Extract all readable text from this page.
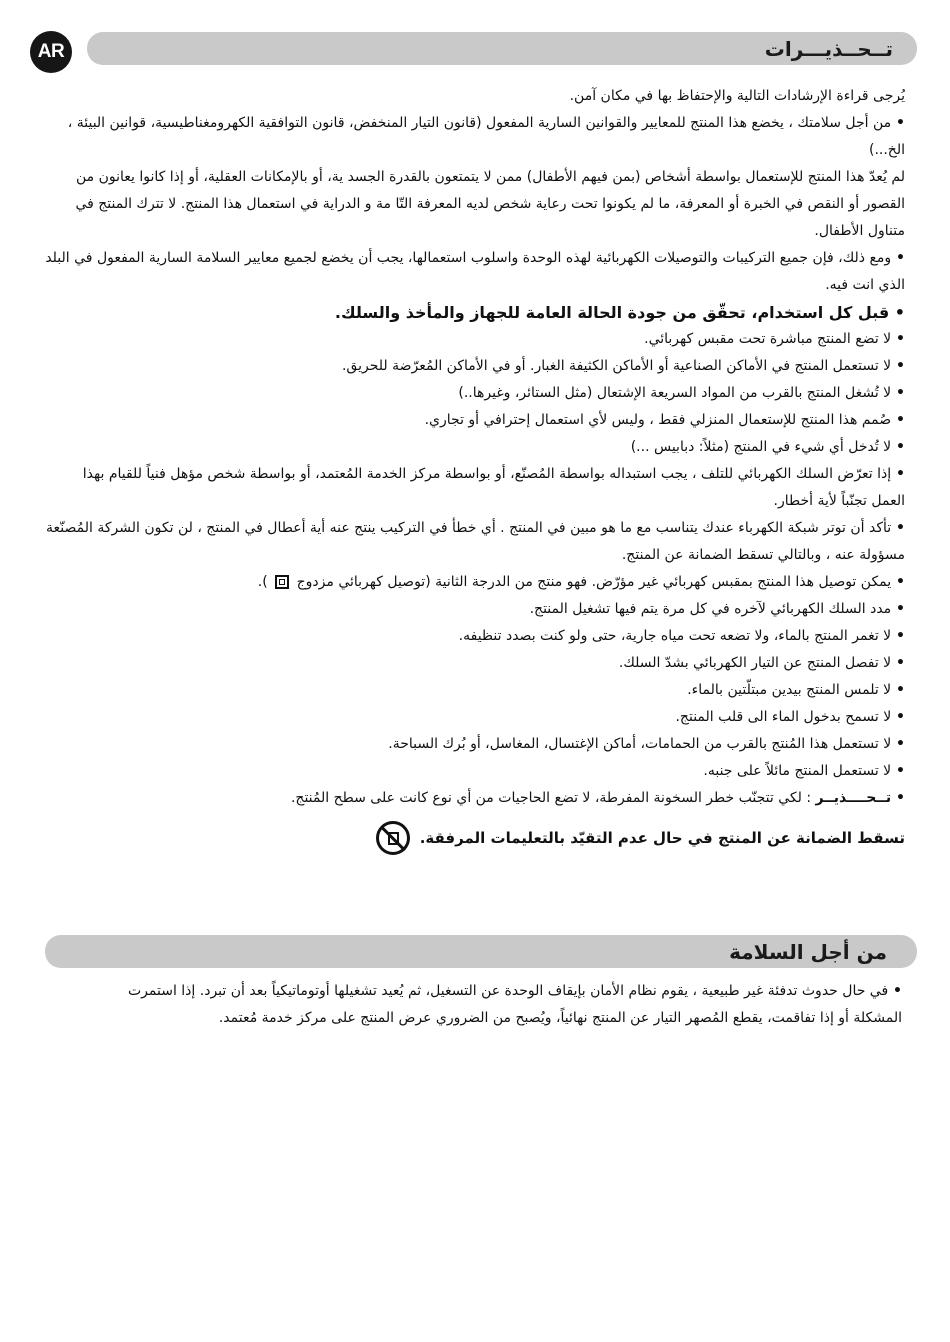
AR	تــحــذيـــرات

يُرجى قراءة الإرشادات التالية والإحتفاظ بها في مكان آمن.

• من أجل سلامتك ، يخضع هذا المنتج للمعايير والقوانين السارية المفعول (قانون التيار المنخفض، قانون التوافقية الكهرومغناطيسية، قوانين البيئة ، الخ...)

لم يُعدّ هذا المنتج للإستعمال بواسطة أشخاص (بمن فيهم الأطفال) ممن لا يتمتعون بالقدرة الجسد ية، أو بالإمكانات العقلية، أو إذا كانوا يعانون من القصور أو النقص في الخبرة أو المعرفة، ما لم يكونوا تحت رعاية شخص لديه المعرفة التّا مة و الدراية في استعمال هذا المنتج. لا تترك المنتج في متناول الأطفال.

• ومع ذلك، فإن جميع التركيبات والتوصيلات الكهربائية لهذه الوحدة واسلوب استعمالها، يجب أن يخضع لجميع معايير السلامة السارية المفعول في البلد الذي انت فيه.

• قبل كل استخدام، تحقّق من جودة الحالة العامة للجهاز والمأخذ والسلك.

• لا تضع المنتج مباشرة تحت مقبس كهربائي.

• لا تستعمل المنتج في الأماكن الصناعية أو الأماكن الكثيفة الغبار. أو في الأماكن المُعرّضة للحريق.

• لا تُشغل المنتج بالقرب من المواد السريعة الإشتعال (مثل الستائر، وغيرها..)

• صُمم هذا المنتج للإستعمال المنزلي فقط ، وليس لأي استعمال إحترافي أو تجاري.

• لا تُدخل أي شيء في المنتج (مثلاً: دبابيس ...)

• إذا تعرّض السلك الكهربائي للتلف ، يجب استبداله بواسطة المُصنّع، أو بواسطة مركز الخدمة المُعتمد، أو بواسطة شخص مؤهل فنياً للقيام بهذا العمل تجنّباً لأية أخطار.

• تأكد أن توتر شبكة الكهرباء عندك يتناسب مع ما هو مبين في المنتج . أي خطأ في التركيب ينتج عنه أية أعطال في المنتج ، لن تكون الشركة المُصنّعة مسؤولة عنه ، وبالتالي تسقط الضمانة عن المنتج.

• يمكن توصيل هذا المنتج بمقبس كهربائي غير مؤرّض. فهو منتج من الدرجة الثانية (توصيل كهربائي مزدوج  ).

• مدد السلك الكهربائي لآخره في كل مرة يتم فيها تشغيل المنتج.

• لا تغمر المنتج بالماء، ولا تضعه تحت مياه جارية، حتى ولو كنت بصدد تنظيفه.

• لا تفصل المنتج عن التيار الكهربائي بشدّ السلك.

• لا تلمس المنتج بيدين مبتلّتين بالماء.

• لا تسمح بدخول الماء الى قلب المنتج.

• لا تستعمل هذا المُنتج بالقرب من الحمامات، أماكن الإغتسال، المغاسل، أو بُرك السباحة.

• لا تستعمل المنتج مائلاً على جنبه.

• تــحــــذيــر : لكي تتجنّب خطر السخونة المفرطة، لا تضع الحاجيات من أي نوع كانت على سطح المُنتج.

تسقط الضمانة عن المنتج في حال عدم التقيّد بالتعليمات المرفقة.
من أجل السلامة

• في حال حدوث تدفئة غير طبيعية ، يقوم نظام الأمان بإيقاف الوحدة عن التسغيل، ثم يُعيد تشغيلها أوتوماتيكياً بعد أن تبرد. إذا استمرت المشكلة أو إذا تفاقمت، يقطع المُصهر التيار عن المنتج نهائياً، ويُصبح من الضروري عرض المنتج على مركز خدمة مُعتمد.
